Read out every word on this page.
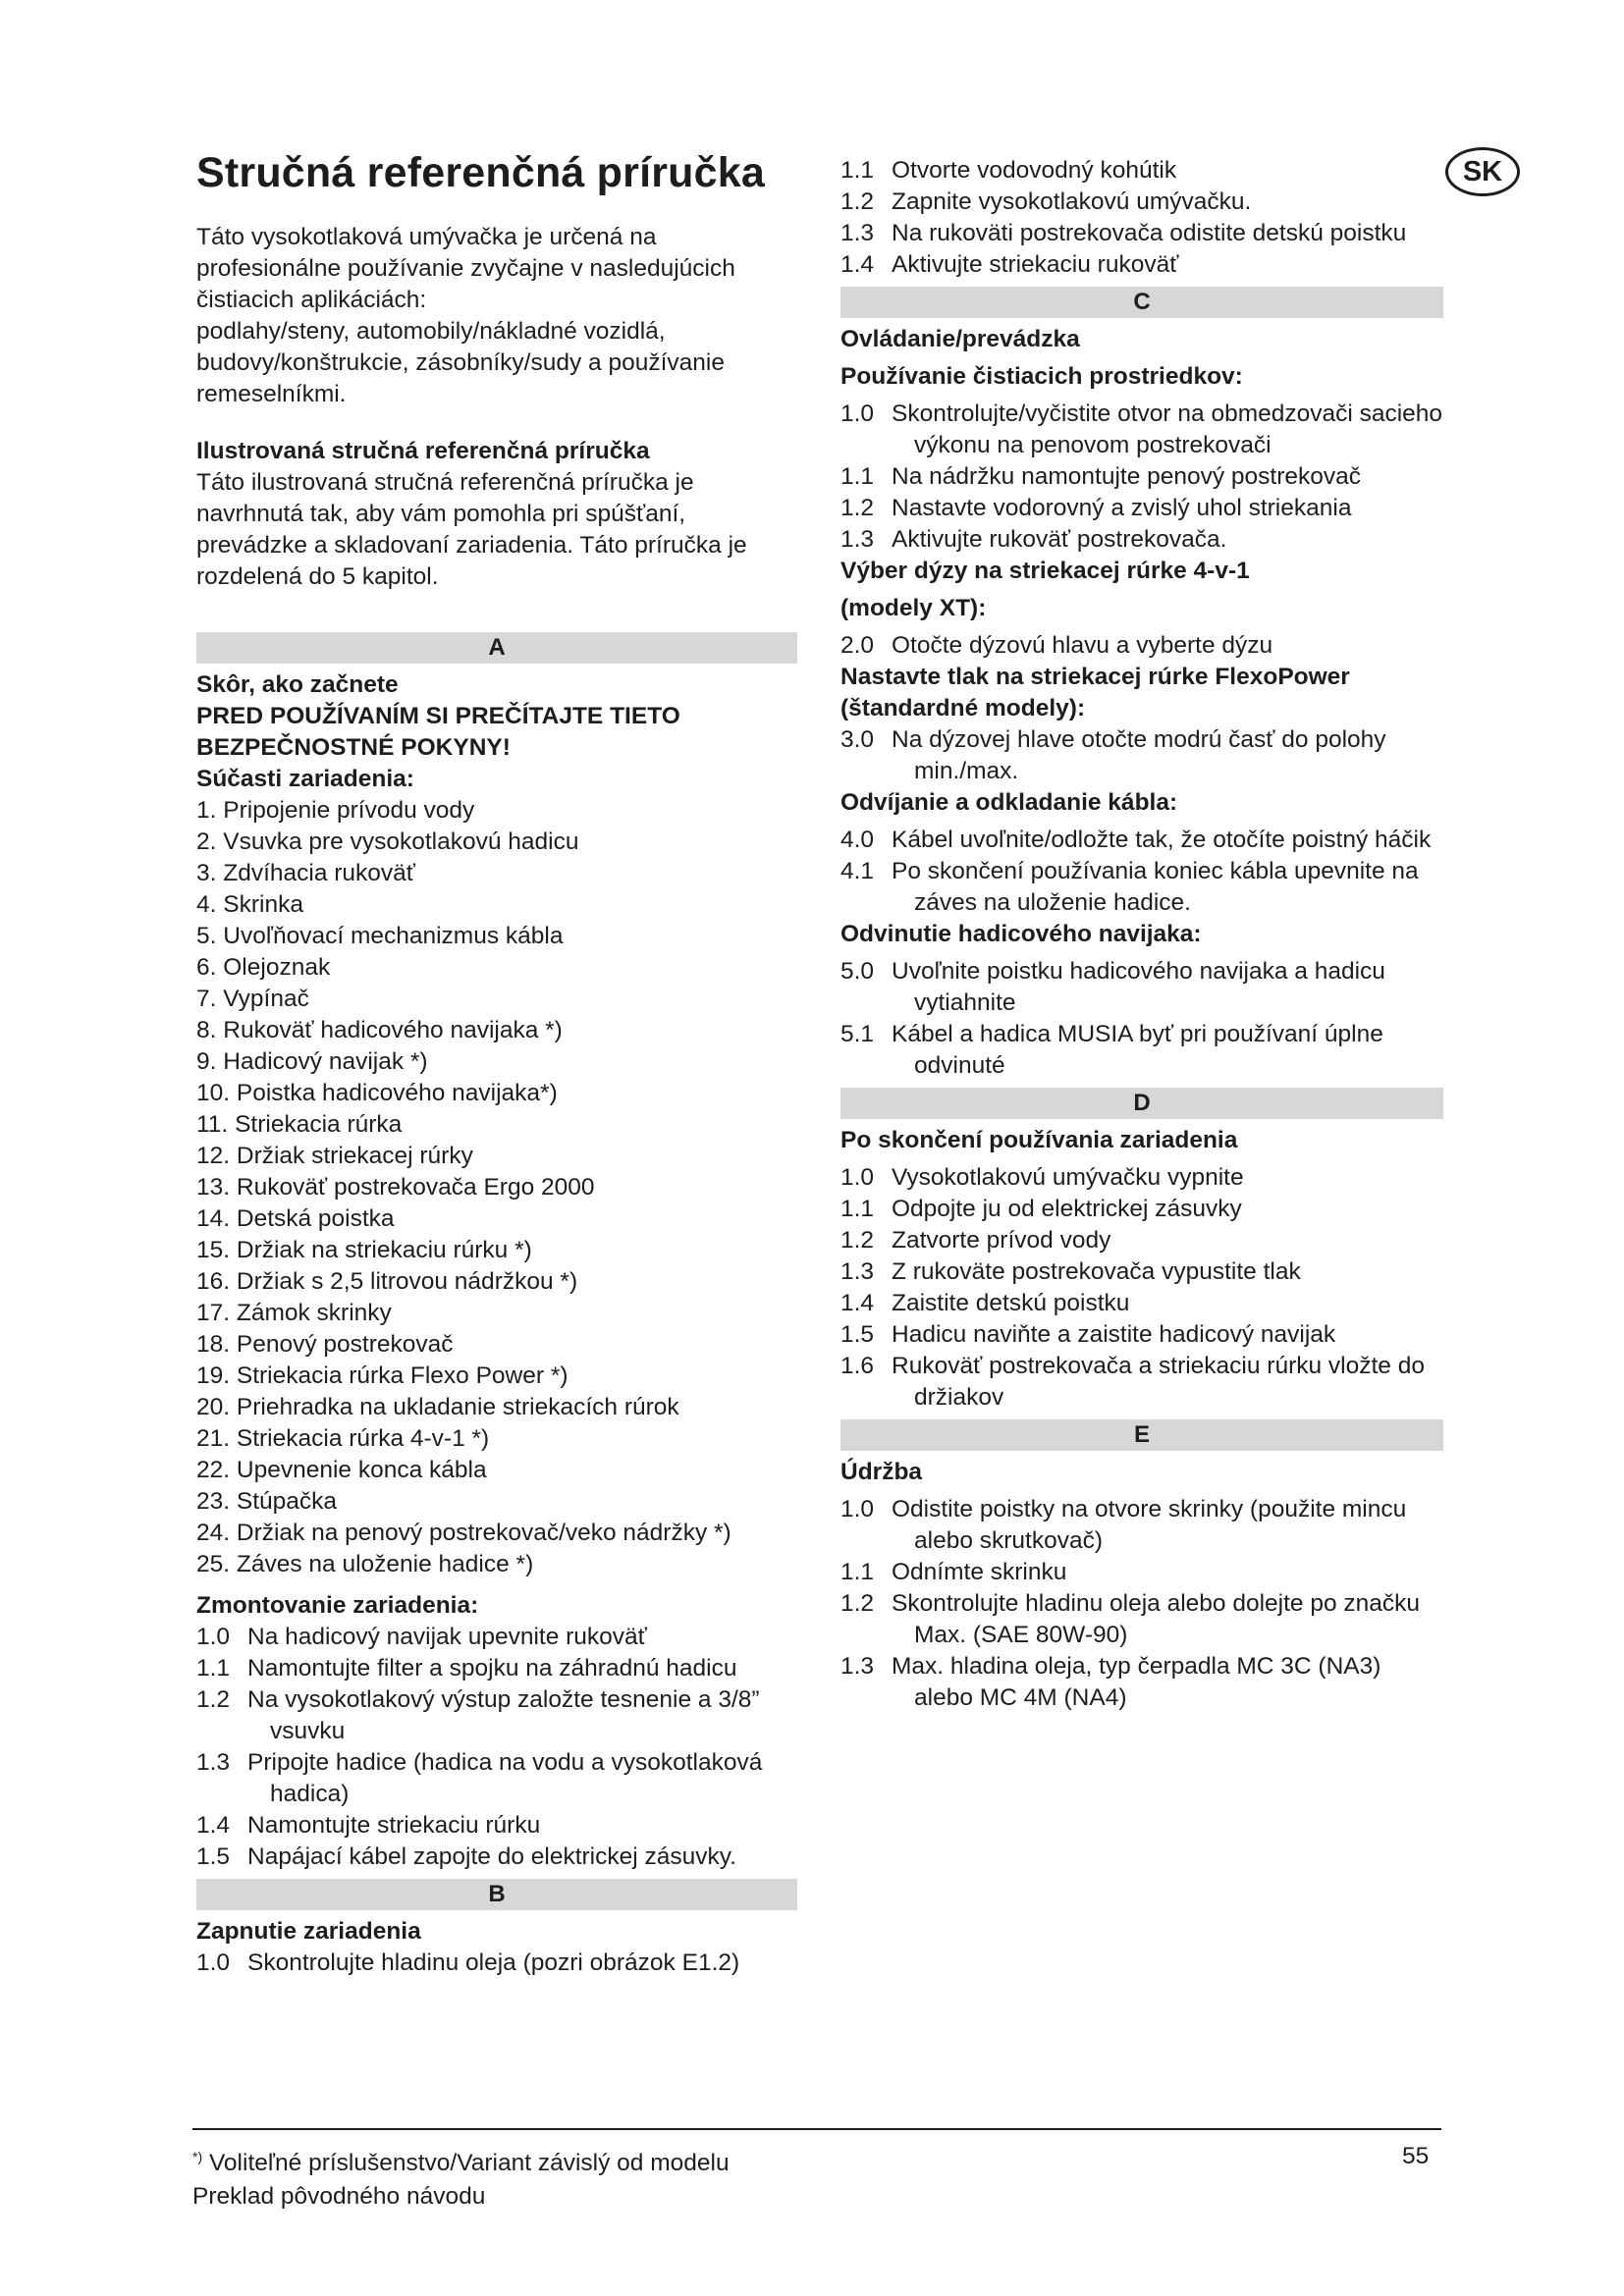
Stručná referenčná príručka	SK

Táto vysokotlaková umývačka je určená na profesionálne používanie zvyčajne v nasledujúcich čistiacich aplikáciách:

podlahy/steny, automobily/nákladné vozidlá, budovy/konštrukcie, zásobníky/sudy a používanie remeselníkmi.

Ilustrovaná stručná referenčná príručka

Táto ilustrovaná stručná referenčná príručka je navrhnutá tak, aby vám pomohla pri spúšťaní, prevádzke a skladovaní zariadenia. Táto príručka je rozdelená do 5 kapitol.

A

Skôr, ako začnete

PRED POUŽÍVANÍM SI PREČÍTAJTE TIETO BEZPEČNOSTNÉ POKYNY!

Súčasti zariadenia:

1. Pripojenie prívodu vody
2. Vsuvka pre vysokotlakovú hadicu
3. Zdvíhacia rukoväť
4. Skrinka
5. Uvoľňovací mechanizmus kábla
6. Olejoznak
7. Vypínač
8. Rukoväť hadicového navijaka *)
9. Hadicový navijak *)
10. Poistka hadicového navijaka*)
11. Striekacia rúrka
12. Držiak striekacej rúrky
13. Rukoväť postrekovača Ergo 2000
14. Detská poistka
15. Držiak na striekaciu rúrku *)
16. Držiak s 2,5 litrovou nádržkou *)
17. Zámok skrinky
18. Penový postrekovač
19. Striekacia rúrka Flexo Power *)
20. Priehradka na ukladanie striekacích rúrok
21. Striekacia rúrka 4-v-1 *)
22. Upevnenie konca kábla
23. Stúpačka
24. Držiak na penový postrekovač/veko nádržky *)
25. Záves na uloženie hadice *)

Zmontovanie zariadenia:

1.0 Na hadicový navijak upevnite rukoväť

1.1 Namontujte filter a spojku na záhradnú hadicu

1.2 Na vysokotlakový výstup založte tesnenie a 3/8” vsuvku

1.3 Pripojte hadice (hadica na vodu a vysokotlaková hadica)

1.4 Namontujte striekaciu rúrku

1.5 Napájací kábel zapojte do elektrickej zásuvky.

B

Zapnutie zariadenia

1.0 Skontrolujte hladinu oleja (pozri obrázok E1.2)

1.1 Otvorte vodovodný kohútik

1.2 Zapnite vysokotlakovú umývačku.

1.3 Na rukoväti postrekovača odistite detskú poistku

1.4 Aktivujte striekaciu rukoväť

C

Ovládanie/prevádzka

Používanie čistiacich prostriedkov:

1.0 Skontrolujte/vyčistite otvor na obmedzovači sacieho výkonu na penovom postrekovači

1.1 Na nádržku namontujte penový postrekovač

1.2 Nastavte vodorovný a zvislý uhol striekania

1.3 Aktivujte rukoväť postrekovača.

Výber dýzy na striekacej rúrke 4-v-1

(modely XT):

2.0 Otočte dýzovú hlavu a vyberte dýzu

Nastavte tlak na striekacej rúrke FlexoPower (štandardné modely):

3.0 Na dýzovej hlave otočte modrú časť do polohy min./max.

Odvíjanie a odkladanie kábla:

4.0 Kábel uvoľnite/odložte tak, že otočíte poistný háčik

4.1 Po skončení používania koniec kábla upevnite na záves na uloženie hadice.

Odvinutie hadicového navijaka:

5.0 Uvoľnite poistku hadicového navijaka a hadicu vytiahnite

5.1 Kábel a hadica MUSIA byť pri používaní úplne odvinuté

D

Po skončení používania zariadenia

1.0 Vysokotlakovú umývačku vypnite

1.1 Odpojte ju od elektrickej zásuvky

1.2 Zatvorte prívod vody

1.3 Z rukoväte postrekovača vypustite tlak

1.4 Zaistite detskú poistku

1.5 Hadicu naviňte a zaistite hadicový navijak

1.6 Rukoväť postrekovača a striekaciu rúrku vložte do držiakov

E

Údržba

1.0 Odistite poistky na otvore skrinky (použite mincu alebo skrutkovač)

1.1 Odnímte skrinku

1.2 Skontrolujte hladinu oleja alebo dolejte po značku Max. (SAE 80W-90)

1.3 Max. hladina oleja, typ čerpadla MC 3C (NA3) alebo MC 4M (NA4)

*) Voliteľné príslušenstvo/Variant závislý od modelu
Preklad pôvodného návodu
55
